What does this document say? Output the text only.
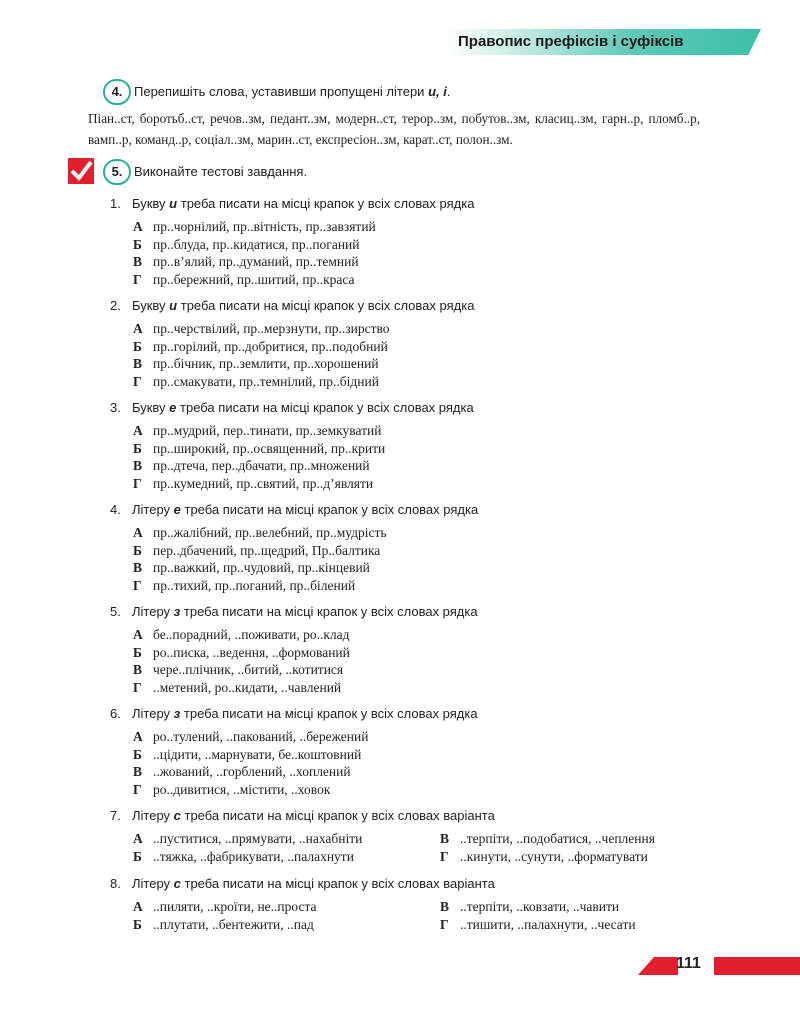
Правопис префіксів і суфіксів
4. Перепишіть слова, уставивши пропущені літери и, і.
Піан..ст, боротьб..ст, речов..зм, педант..зм, модерн..ст, терор..зм, побутов..зм, класиц..зм, гарн..р, пломб..р, вамп..р, команд..р, соціал..зм, марин..ст, експресіон..зм, карат..ст, полон..зм.
5. Виконайте тестові завдання.
1. Букву и треба писати на місці крапок у всіх словах рядка
А пр..чорнілий, пр..вітність, пр..завзятий
Б пр..блуда, пр..кидатися, пр..поганий
В пр..в’ялий, пр..думаний, пр..темний
Г пр..бережний, пр..шитий, пр..краса
2. Букву и треба писати на місці крапок у всіх словах рядка
А пр..черствілий, пр..мерзнути, пр..зирство
Б пр..горілий, пр..добритися, пр..подобний
В пр..бічник, пр..землити, пр..хорошений
Г пр..смакувати, пр..темнілий, пр..бідний
3. Букву е треба писати на місці крапок у всіх словах рядка
А пр..мудрий, пер..тинати, пр..земкуватий
Б пр..широкий, пр..освященний, пр..крити
В пр..дтеча, пер..дбачати, пр..множений
Г пр..кумедний, пр..святий, пр..д’являти
4. Літеру е треба писати на місці крапок у всіх словах рядка
А пр..жалібний, пр..велебний, пр..мудрість
Б пер..дбачений, пр..щедрий, Пр..балтика
В пр..важкий, пр..чудовий, пр..кінцевий
Г пр..тихий, пр..поганий, пр..білений
5. Літеру з треба писати на місці крапок у всіх словах рядка
А бе..порадний, ..поживати, ро..клад
Б ро..писка, ..ведення, ..формований
В чере..плічник, ..битий, ..котитися
Г ..метений, ро..кидати, ..чавлений
6. Літеру з треба писати на місці крапок у всіх словах рядка
А ро..тулений, ..пакований, ..бережений
Б ..цідити, ..марнувати, бе..коштовний
В ..жований, ..горблений, ..хоплений
Г ро..дивитися, ..містити, ..ховок
7. Літеру с треба писати на місці крапок у всіх словах варіанта
А ..пуститися, ..прямувати, ..нахабніти	В ..терпіти, ..подобатися, ..чеплення
Б ..тяжка, ..фабрикувати, ..палахнути	Г ..кинути, ..сунути, ..форматувати
8. Літеру с треба писати на місці крапок у всіх словах варіанта
А ..пиляти, ..кроїти, не..проста	В ..терпіти, ..ковзати, ..чавити
Б ..плутати, ..бентежити, ..пад	Г ..тишити, ..палахнути, ..чесати
111
